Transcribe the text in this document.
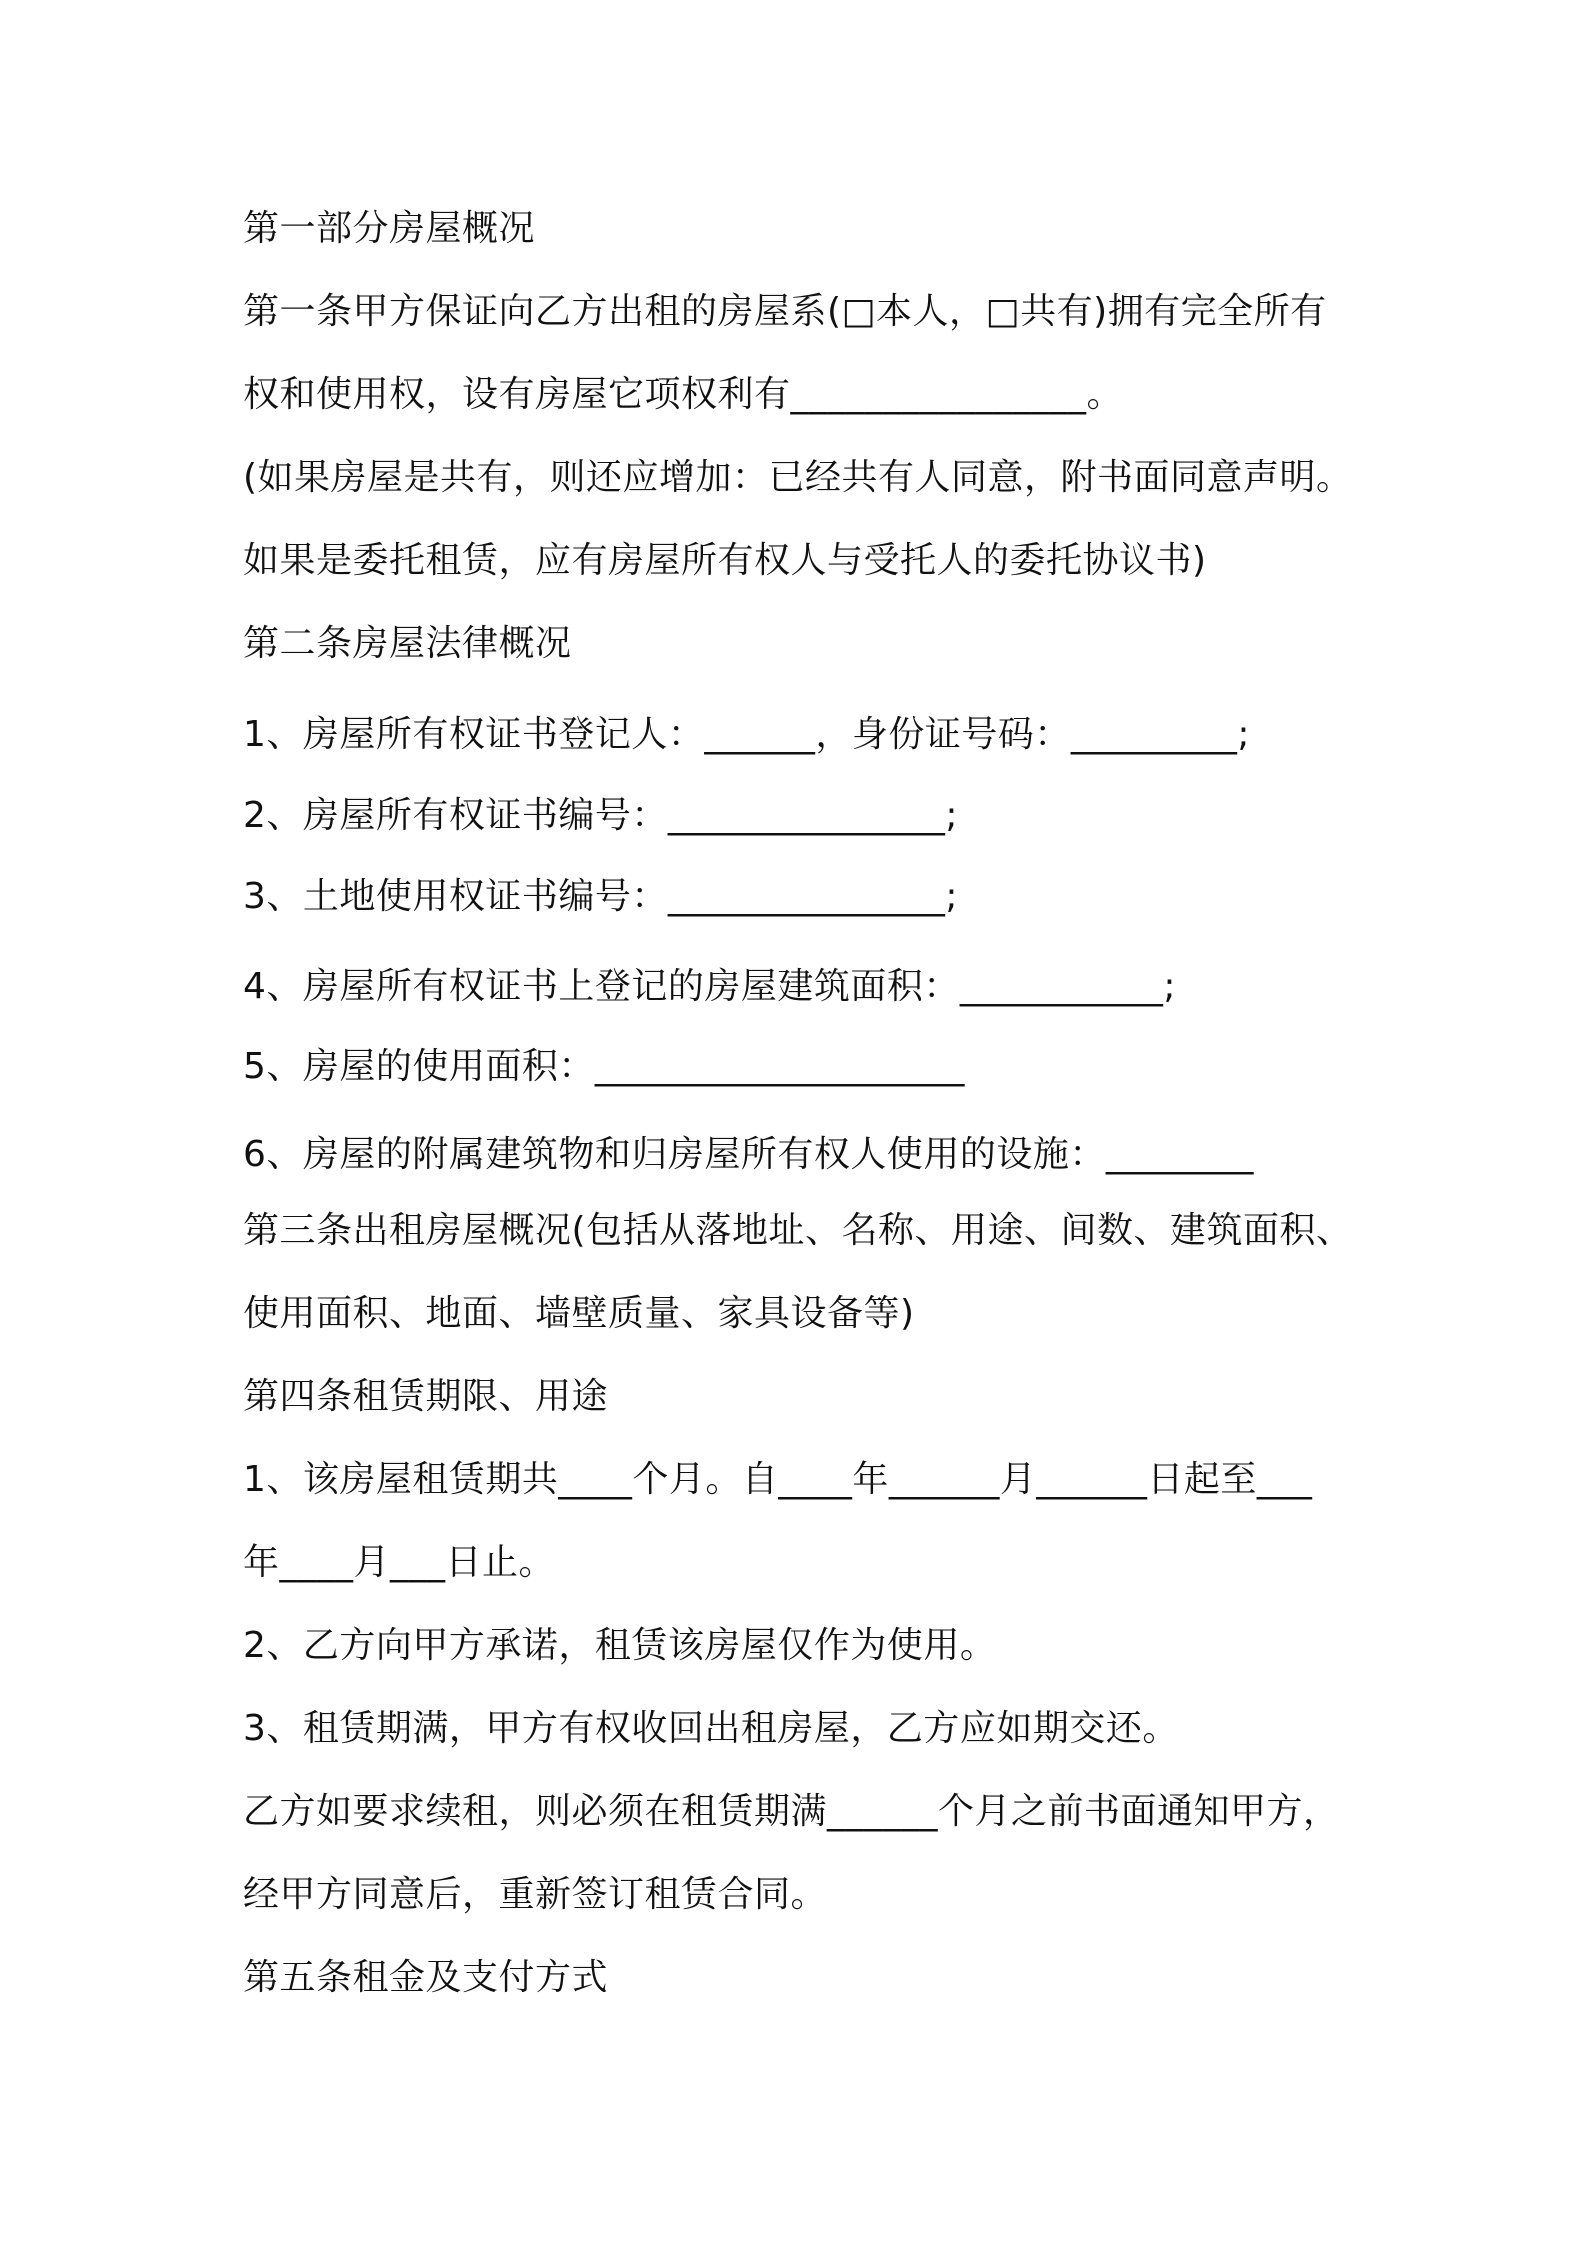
第一部分房屋概况
第一条甲方保证向乙方出租的房屋系(□本人，□共有)拥有完全所有
权和使用权，设有房屋它项权利有________________。
(如果房屋是共有，则还应增加：已经共有人同意，附书面同意声明。
如果是委托租赁，应有房屋所有权人与受托人的委托协议书)
第二条房屋法律概况
1、房屋所有权证书登记人：______，身份证号码：_________;
2、房屋所有权证书编号：_______________;
3、土地使用权证书编号：_______________;
4、房屋所有权证书上登记的房屋建筑面积：___________;
5、房屋的使用面积：____________________
6、房屋的附属建筑物和归房屋所有权人使用的设施：________
第三条出租房屋概况(包括从落地址、名称、用途、间数、建筑面积、
使用面积、地面、墙壁质量、家具设备等)
第四条租赁期限、用途
1、该房屋租赁期共____个月。自____年______月______日起至___
年____月___日止。
2、乙方向甲方承诺，租赁该房屋仅作为使用。
3、租赁期满，甲方有权收回出租房屋，乙方应如期交还。
乙方如要求续租，则必须在租赁期满______个月之前书面通知甲方，
经甲方同意后，重新签订租赁合同。
第五条租金及支付方式
